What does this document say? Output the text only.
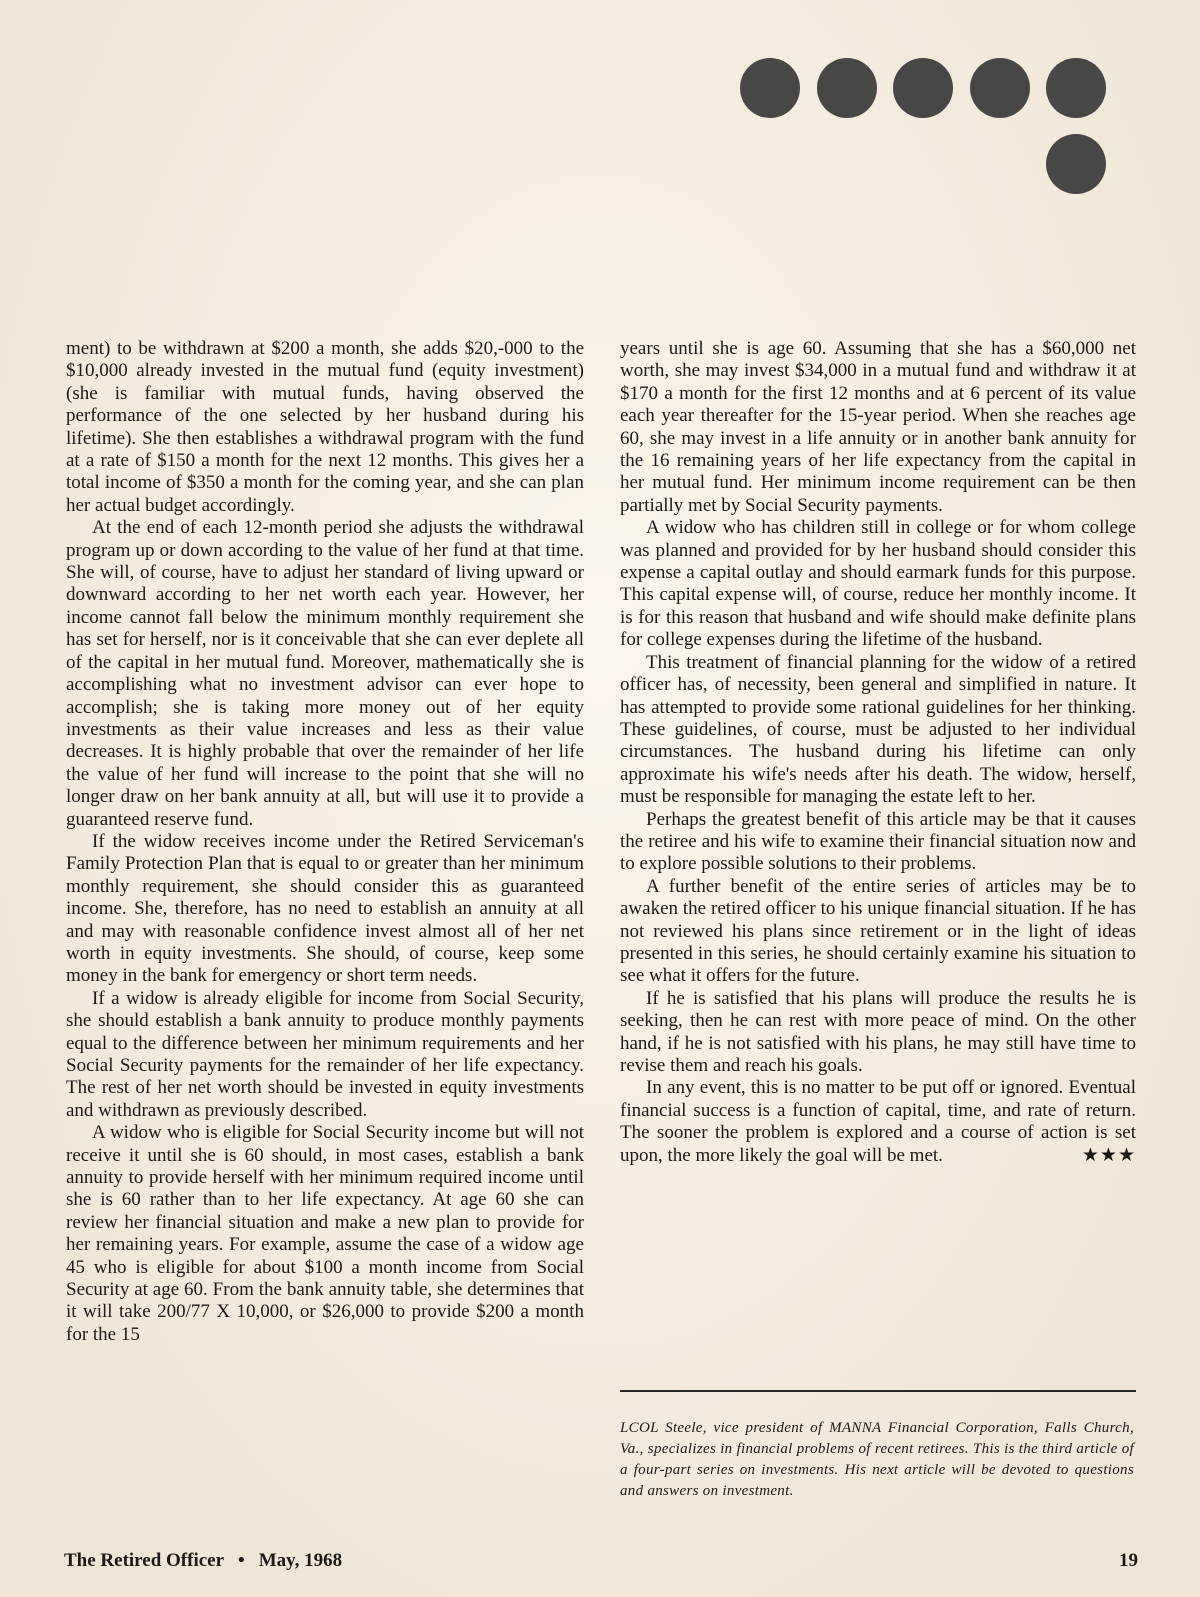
ment) to be withdrawn at $200 a month, she adds $20,-000 to the $10,000 already invested in the mutual fund (equity investment) (she is familiar with mutual funds, having observed the performance of the one selected by her husband during his lifetime). She then establishes a withdrawal program with the fund at a rate of $150 a month for the next 12 months. This gives her a total income of $350 a month for the coming year, and she can plan her actual budget accordingly.

At the end of each 12-month period she adjusts the withdrawal program up or down according to the value of her fund at that time. She will, of course, have to adjust her standard of living upward or downward according to her net worth each year. However, her income cannot fall below the minimum monthly requirement she has set for herself, nor is it conceivable that she can ever deplete all of the capital in her mutual fund. Moreover, mathematically she is accomplishing what no investment advisor can ever hope to accomplish; she is taking more money out of her equity investments as their value increases and less as their value decreases. It is highly probable that over the remainder of her life the value of her fund will increase to the point that she will no longer draw on her bank annuity at all, but will use it to provide a guaranteed reserve fund.

If the widow receives income under the Retired Serviceman's Family Protection Plan that is equal to or greater than her minimum monthly requirement, she should consider this as guaranteed income. She, therefore, has no need to establish an annuity at all and may with reasonable confidence invest almost all of her net worth in equity investments. She should, of course, keep some money in the bank for emergency or short term needs.

If a widow is already eligible for income from Social Security, she should establish a bank annuity to produce monthly payments equal to the difference between her minimum requirements and her Social Security payments for the remainder of her life expectancy. The rest of her net worth should be invested in equity investments and withdrawn as previously described.

A widow who is eligible for Social Security income but will not receive it until she is 60 should, in most cases, establish a bank annuity to provide herself with her minimum required income until she is 60 rather than to her life expectancy. At age 60 she can review her financial situation and make a new plan to provide for her remaining years. For example, assume the case of a widow age 45 who is eligible for about $100 a month income from Social Security at age 60. From the bank annuity table, she determines that it will take 200/77 X 10,000, or $26,000 to provide $200 a month for the 15

years until she is age 60. Assuming that she has a $60,000 net worth, she may invest $34,000 in a mutual fund and withdraw it at $170 a month for the first 12 months and at 6 percent of its value each year thereafter for the 15-year period. When she reaches age 60, she may invest in a life annuity or in another bank annuity for the 16 remaining years of her life expectancy from the capital in her mutual fund. Her minimum income requirement can be then partially met by Social Security payments.

A widow who has children still in college or for whom college was planned and provided for by her husband should consider this expense a capital outlay and should earmark funds for this purpose. This capital expense will, of course, reduce her monthly income. It is for this reason that husband and wife should make definite plans for college expenses during the lifetime of the husband.

This treatment of financial planning for the widow of a retired officer has, of necessity, been general and simplified in nature. It has attempted to provide some rational guidelines for her thinking. These guidelines, of course, must be adjusted to her individual circumstances. The husband during his lifetime can only approximate his wife's needs after his death. The widow, herself, must be responsible for managing the estate left to her.

Perhaps the greatest benefit of this article may be that it causes the retiree and his wife to examine their financial situation now and to explore possible solutions to their problems.

A further benefit of the entire series of articles may be to awaken the retired officer to his unique financial situation. If he has not reviewed his plans since retirement or in the light of ideas presented in this series, he should certainly examine his situation to see what it offers for the future.

If he is satisfied that his plans will produce the results he is seeking, then he can rest with more peace of mind. On the other hand, if he is not satisfied with his plans, he may still have time to revise them and reach his goals.

In any event, this is no matter to be put off or ignored. Eventual financial success is a function of capital, time, and rate of return. The sooner the problem is explored and a course of action is set upon, the more likely the goal will be met.	★★★

LCOL Steele, vice president of MANNA Financial Corporation, Falls Church, Va., specializes in financial problems of recent retirees. This is the third article of a four-part series on investments. His next article will be devoted to questions and answers on investment.
The Retired Officer • May, 1968	19
